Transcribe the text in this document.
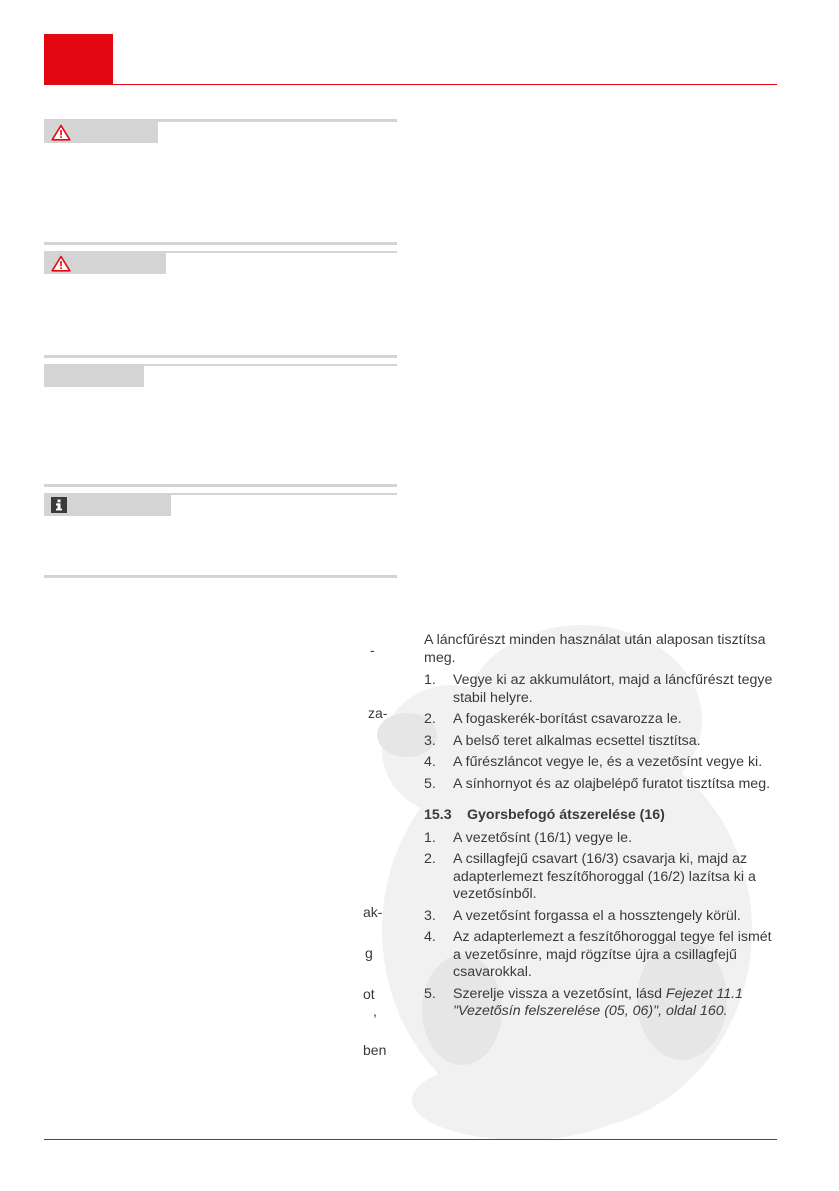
-
za-
ak-
g
ot
,
ben

A láncfűrészt minden használat után alaposan tisztítsa meg.

1. Vegye ki az akkumulátort, majd a láncfűrészt tegye stabil helyre.
2. A fogaskerék-borítást csavarozza le.
3. A belső teret alkalmas ecsettel tisztítsa.
4. A fűrészláncot vegye le, és a vezetősínt vegye ki.
5. A sínhornyot és az olajbelépő furatot tisztítsa meg.
15.3 Gyorsbefogó átszerelése (16)
1. A vezetősínt (16/1) vegye le.
2. A csillagfejű csavart (16/3) csavarja ki, majd az adapterlemezt feszítőhoroggal (16/2) lazítsa ki a vezetősínből.
3. A vezetősínt forgassa el a hossztengely körül.
4. Az adapterlemezt a feszítőhoroggal tegye fel ismét a vezetősínre, majd rögzítse újra a csillagfejű csavarokkal.
5. Szerelje vissza a vezetősínt, lásd Fejezet 11.1 "Vezetősín felszerelése (05, 06)", oldal 160.
